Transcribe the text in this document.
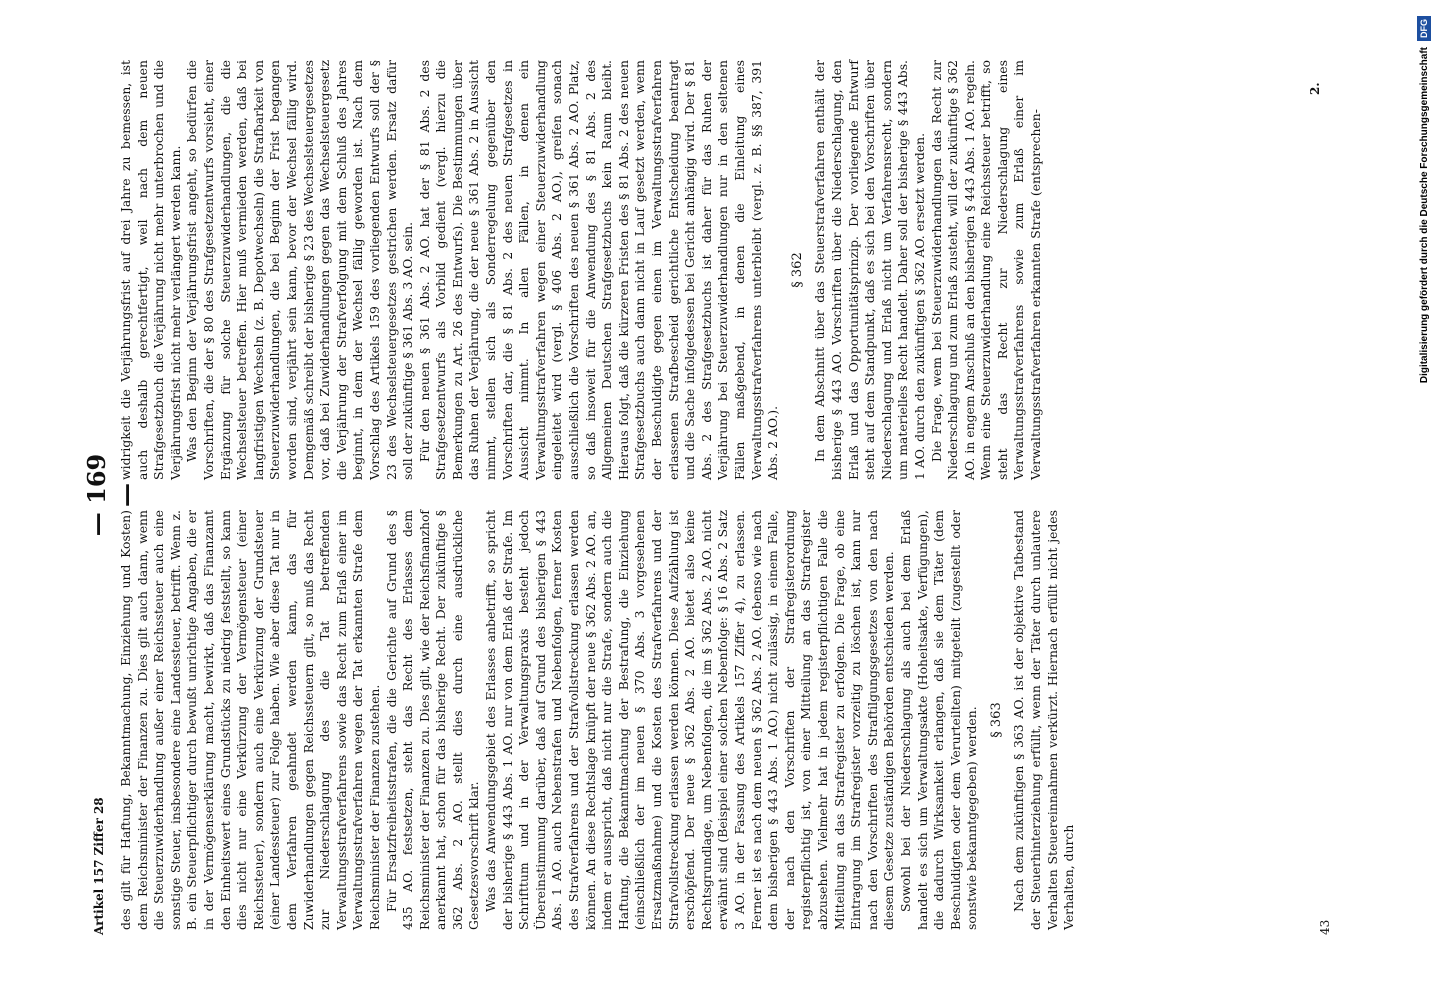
Artikel 157 Ziffer 28
— 169 —

des gilt für Haftung, Bekanntmachung, Einziehung und Kosten) dem Reichsminister der Finanzen zu. Dies gilt auch dann, wenn die Steuerzuwiderhandlung außer einer Reichssteuer auch eine sonstige Steuer, insbesondere eine Landessteuer, betrifft. Wenn z. B. ein Steuerpflichtiger durch bewußt unrichtige Angaben, die er in der Vermögenserklärung macht, bewirkt, daß das Finanzamt den Einheitswert eines Grundstücks zu niedrig feststellt, so kann dies nicht nur eine Verkürzung der Vermögensteuer (einer Reichssteuer), sondern auch eine Verkürzung der Grundsteuer (einer Landessteuer) zur Folge haben. Wie aber diese Tat nur in dem Verfahren geahndet werden kann, das für Zuwiderhandlungen gegen Reichssteuern gilt, so muß das Recht zur Niederschlagung des die Tat betreffenden Verwaltungsstrafverfahrens sowie das Recht zum Erlaß einer im Verwaltungsstrafverfahren wegen der Tat erkannten Strafe dem Reichsminister der Finanzen zustehen. Für Ersatzfreiheitsstrafen, die die Gerichte auf Grund des § 435 AO. festsetzen, steht das Recht des Erlasses dem Reichsminister der Finanzen zu. Dies gilt, wie der Reichsfinanzhof anerkannt hat, schon für das bisherige Recht. Der zukünftige § 362 Abs. 2 AO. stellt dies durch eine ausdrückliche Gesetzesvorschrift klar. Was das Anwendungsgebiet des Erlasses anbetrifft, so spricht der bisherige § 443 Abs. 1 AO. nur von dem Erlaß der Strafe. Im Schrifttum und in der Verwaltungspraxis besteht jedoch Übereinstimmung darüber, daß auf Grund des bisherigen § 443 Abs. 1 AO. auch Nebenstrafen und Nebenfolgen, ferner Kosten des Strafverfahrens und der Strafvollstreckung erlassen werden können. An diese Rechtslage knüpft der neue § 362 Abs. 2 AO. an, indem er ausspricht, daß nicht nur die Strafe, sondern auch die Haftung, die Bekanntmachung der Bestrafung, die Einziehung (einschließlich der im neuen § 370 Abs. 3 vorgesehenen Ersatzmaßnahme) und die Kosten des Strafverfahrens und der Strafvollstreckung erlassen werden können. Diese Aufzählung ist erschöpfend. Der neue § 362 Abs. 2 AO. bietet also keine Rechtsgrundlage, um Nebenfolgen, die im § 362 Abs. 2 AO. nicht erwähnt sind (Beispiel einer solchen Nebenfolge: § 16 Abs. 2 Satz 3 AO. in der Fassung des Artikels 157 Ziffer 4), zu erlassen. Ferner ist es nach dem neuen § 362 Abs. 2 AO. (ebenso wie nach dem bisherigen § 443 Abs. 1 AO.) nicht zulässig, in einem Falle, der nach den Vorschriften der Strafregisterordnung registerpflichtig ist, von einer Mitteilung an das Strafregister abzusehen. Vielmehr hat in jedem registerpflichtigen Falle die Mitteilung an das Strafregister zu erfolgen. Die Frage, ob eine Eintragung im Strafregister vorzeitig zu löschen ist, kann nur nach den Vorschriften des Straftilgungsgesetzes von den nach diesem Gesetze zuständigen Behörden entschieden werden. Sowohl bei der Niederschlagung als auch bei dem Erlaß handelt es sich um Verwaltungsakte (Hoheitsakte, Verfügungen), die dadurch Wirksamkeit erlangen, daß sie dem Täter (dem Beschuldigten oder dem Verurteilten) mitgeteilt (zugestellt oder sonstwie bekanntgegeben) werden. § 363 Nach dem zukünftigen § 363 AO. ist der objektive Tatbestand der Steuerhinterziehung erfüllt, wenn der Täter durch unlautere Verhalten Steuereinnahmen verkürzt. Hiernach erfüllt nicht jedes Verhalten, durch

widrigkeit die Verjährungsfrist auf drei Jahre zu bemessen, ist auch deshalb gerechtfertigt, weil nach dem neuen Strafgesetzbuch die Verjährung nicht mehr unterbrochen und die Verjährungsfrist nicht mehr verlängert werden kann. Was den Beginn der Verjährungsfrist angeht, so bedürfen die Vorschriften, die der § 80 des Strafgesetzentwurfs vorsieht, einer Ergänzung für solche Steuerzuwiderhandlungen, die die Wechselsteuer betreffen. Hier muß vermieden werden, daß bei langfristigen Wechseln (z. B. Depotwechseln) die Strafbarkeit von Steuerzuwiderhandlungen, die bei Beginn der Frist begangen worden sind, verjährt sein kann, bevor der Wechsel fällig wird. Demgemäß schreibt der bisherige § 23 des Wechselsteuergesetzes vor, daß bei Zuwiderhandlungen gegen das Wechselsteuergesetz die Verjährung der Strafverfolgung mit dem Schluß des Jahres beginnt, in dem der Wechsel fällig geworden ist. Nach dem Vorschlag des Artikels 159 des vorliegenden Entwurfs soll der § 23 des Wechselsteuergesetzes gestrichen werden. Ersatz dafür soll der zukünftige § 361 Abs. 3 AO. sein. Für den neuen § 361 Abs. 2 AO. hat der § 81 Abs. 2 des Strafgesetzentwurfs als Vorbild gedient (vergl. hierzu die Bemerkungen zu Art. 26 des Entwurfs). Die Bestimmungen über das Ruhen der Verjährung, die der neue § 361 Abs. 2 in Aussicht nimmt, stellen sich als Sonderregelung gegenüber den Vorschriften dar, die § 81 Abs. 2 des neuen Strafgesetzes in Aussicht nimmt. In allen Fällen, in denen ein Verwaltungsstrafverfahren wegen einer Steuerzuwiderhandlung eingeleitet wird (vergl. § 406 Abs. 2 AO.), greifen sonach ausschließlich die Vorschriften des neuen § 361 Abs. 2 AO. Platz, so daß insoweit für die Anwendung des § 81 Abs. 2 des Allgemeinen Deutschen Strafgesetzbuchs kein Raum bleibt. Hieraus folgt, daß die kürzeren Fristen des § 81 Abs. 2 des neuen Strafgesetzbuchs auch dann nicht in Lauf gesetzt werden, wenn der Beschuldigte gegen einen im Verwaltungsstrafverfahren erlassenen Strafbescheid gerichtliche Entscheidung beantragt und die Sache infolgedessen bei Gericht anhängig wird. Der § 81 Abs. 2 des Strafgesetzbuchs ist daher für das Ruhen der Verjährung bei Steuerzuwiderhandlungen nur in den seltenen Fällen maßgebend, in denen die Einleitung eines Verwaltungsstrafverfahrens unterbleibt (vergl. z. B. §§ 387, 391 Abs. 2 AO.).

§ 362 In dem Abschnitt über das Steuerstrafverfahren enthält der bisherige § 443 AO. Vorschriften über die Niederschlagung, den Erlaß und das Opportunitätsprinzip. Der vorliegende Entwurf steht auf dem Standpunkt, daß es sich bei den Vorschriften über Niederschlagung und Erlaß nicht um Verfahrensrecht, sondern um materielles Recht handelt. Daher soll der bisherige § 443 Abs. 1 AO. durch den zukünftigen § 362 AO. ersetzt werden. Die Frage, wem bei Steuerzuwiderhandlungen das Recht zur Niederschlagung und zum Erlaß zusteht, will der zukünftige § 362 AO. in engem Anschluß an den bisherigen § 443 Abs. 1 AO. regeln. Wenn eine Steuerzuwiderhandlung eine Reichssteuer betrifft, so steht das Recht zur Niederschlagung eines Verwaltungsstrafverfahrens sowie zum Erlaß einer im Verwaltungsstrafverfahren erkannten Strafe (entsprechen-

2.
43
Digitalisierung gefördert durch die Deutsche Forschungsgemeinschaft
DFG
